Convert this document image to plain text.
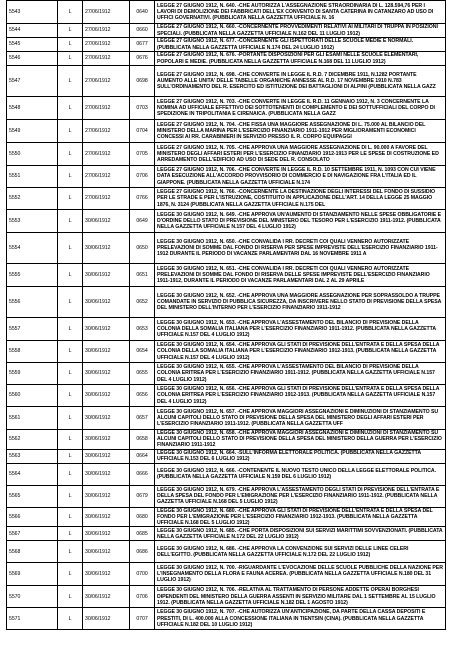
5543	L	27/06/1912	0640	LEGGE 27 GIUGNO 1912, N. 640. -CHE AUTORIZZA L'ASSEGNAZIONE STRAORDINARIA DI L. 128.594,76 PER I LAVORI DI DEMOLIZIONE DEI FABBRICATI DELL'EX CONVENTO DI SANTA CATERINA IN CATANZARO AD USO DI UFFICI GOVERNATIVI. (PUBBLICATA NELLA GAZZETTA UFFICIALE N. 16
5544	L	27/06/1912	0660	LEGGE 27 GIUGNO 1912, N. 660. -CONCERNENTE PROVVEDIMENTI RELATIVI AI MILITARI DI TRUPPA IN POSIZIONI SPECIALI. (PUBBLICATA NELLA GAZZETTA UFFICIALE N.162 DEL 11 LUGLIO 1912)
5545	L	27/06/1912	0677	LEGGE 27 GIUGNO 1912, N. 677. -CONCERNENTE GLI ISPETTORATI DELLE SCUOLE MEDIE E NORMALI. (PUBBLICATA NELLA GAZZETTA UFFICIALE N.174 DEL 24 LUGLIO 1912)
5546	L	27/06/1912	0676	LEGGE 27 GIUGNO 1912, N. 676. -PORTANTE DISPOSIZIONI PER GLI ESAMI NELLE SCUOLE ELEMENTARI, POPOLARI E MEDIE. (PUBBLICATA NELLA GAZZETTA UFFICIALE N.168 DEL 11 LUGLIO 1912)
5547	L	27/06/1912	0698	LEGGE 27 GIUGNO 1912, N. 698. -CHE CONVERTE IN LEGGE IL R.D. 7 DICEMBRE 1911, N.1282 PORTANTE AUMENTO ALLE UNITA' DELLE TABELLE ORGANICHE ANNESSE AL R.D. 17 NOVEMBRE 1910 N.783 SULL'ORDINAMENTO DEL R. ESERCITO ED ISTITUZIONE DEI BATTAGLIONI DI ALPINI (PUBBLICATA NELLA GAZZ
5548	L	27/06/1912	0703	LEGGE 27 GIUGNO 1912, N. 703. -CHE CONVERTE IN LEGGE IL R.D. 11 GENNAIO 1912, N. 3 CONCERNENTE LA NOMINA AD UFFICIALE EFFETTIVO DEI SOTTOTENENTI DI COMPLEMENTO E DEI SOTTUFFICIALI DEL CORPO DI SPEDIZIONE IN TRIPOLITANIA E CIRENAICA. (PUBBLICATA NELLA GAZZ
5549	L	27/06/1912	0704	LEGGE 27 GIUGNO 1912, N. 704. -CHE FISSA UNA MAGGIORE ASSEGNAZIONE DI L. 75.000 AL BILANCIO DEL MINISTERO DELLA MARINA PER L'ESERCIZIO FINANZIARIO 1911-1912 PER MIGLIORAMENTI ECONOMICI CONCESSI AI RR. CARABINIERI IN SERVIZIO PRESSO IL R. CORPO EQUIPAGGI
5550	L	27/06/1912	0705	LEGGE 27 GIUGNO 1912, N. 705. -CHE APPROVA UNA MAGGIORE ASSEGNAZIONE DI L. 90.000 A FAVORE DEL MINISTERO DEGLI AFFARI ESTERI PER L'ESERCIZIO FINANZIARIO 1912-1913 PER LE SPESE DI COSTRUZIONE ED ARREDAMENTO DELL'EDIFICIO AD USO DI SEDE DEL R. CONSOLATO
5551	L	27/06/1912	0706	LEGGE 27 GIUGNO 1912, N. 706. -CHE CONVERTE IN LEGGE IL R.D. 10 SETTEMBRE 1911, N. 1093 CON CUI VIENE DATA ESECUZIONE ALL'ACCORDO PROVVISORIO DI COMMERCIO E DI NAVIGAZIONE FRA L'ITALIA ED IL GIAPPONE. (PUBBLICATA NELLA GAZZETTA UFFICIALE N.174
5552	L	27/06/1912	0766	LEGGE 27 GIUGNO 1912, N. 766. -CONCERNENTE LA DESTINAZIONE DEGLI INTERESSI DEL FONDO DI SUSSIDIO PER LE STRADE E PER L'ISTRUZIONE, COSTITUITO IN APPLICAZIONE DELL'ART. 14 DELLA LEGGE 25 MAGGIO 1876, N. 3124 (PUBBLICATA NELLA GAZZETTA UFFICIALE N.175 DEL
5553	L	30/06/1912	0649	LEGGE 30 GIUGNO 1912, N. 649. -CHE APPROVA UN'AUMENTO DI STANZIAMENTO NELLE SPESE OBBLIGATORIE E D'ORDINE DELLO STATO DI PREVISIONE DEL MINISTERO DEL TESORO PER L'ESERCIZIO 1911-1912. (PUBBLICATA NELLA GAZZETTA UFFICIALE N.157 DEL 4 LUGLIO 1912)
5554	L	30/06/1912	0650	LEGGE 30 GIUGNO 1912, N. 650. -CHE CONVALIDA I RR. DECRETI COI QUALI VENNERO AUTORIZZATE PRELEVAZIONI DI SOMME DAL FONDO DI RISERVA PER SPESE IMPREVISTE DELL'ESERCIZIO FINANZIARIO 1911-1912 DURANTE IL PERIODO DI VACANZE PARLAMENTARI DAL 16 NOVEMBRE 1911 A
5555	L	30/06/1912	0651	LEGGE 30 GIUGNO 1912, N. 651. -CHE CONVALIDA I RR. DECRETI COI QUALI VENNERO AUTORIZZATE PRELEVAZIONI DI SOMME DAL FONDO DI RISERVA DELLE SPESE IMPREVISTE DELL'ESERCIZIO FINANZIARIO 1911-1912, DURANTE IL PERIODO DI VACANZE PARLAMENTARI DAL 2 AL 29 APRILE
5556	L	30/06/1912	0652	LEGGE 30 GIUGNO 1912, N. 652. -CHE APPROVA UNA MAGGIORE ASSEGNAZIONE PER SOPRASSOLDO A TRUPPE COMANDATE IN SERVIZIO DI PUBBLICA SICUREZZA, DA INSCRIVERE NELLO STATO DI PREVISIONE DELLA SPESA DEL MINISTERO DELL'INTERNO PER L'ESERCIZIO FINANZIARIO 1911-1912
5557	L	30/06/1912	0653	LEGGE 30 GIUGNO 1912, N. 653. -CHE APPROVA L'ASSESTAMENTO DEL BILANCIO DI PREVISIONE DELLA COLONIA DELLA SOMALIA ITALIANA PER L'ESERCIZIO FINANZIARIO 1911-1912. (PUBBLICATA NELLA GAZZETTA UFFICIALE N.157 DEL 4 LUGLIO 1912)
5558	L	30/06/1912	0654	LEGGE 30 GIUGNO 1912, N. 654. -CHE APPROVA GLI STATI DI PREVISIONE DELL'ENTRATA E DELLA SPESA DELLA COLONIA DELLA SOMALIA ITALIANA PER L'ESERCIZIO FINANZIARIO 1912-1913. (PUBBLICATA NELLA GAZZETTA UFFICIALE N.157 DEL 4 LUGLIO 1912)
5559	L	30/06/1912	0655	LEGGE 30 GIUGNO 1912, N. 655. -CHE APPROVA L'ASSESTAMENTO DEL BILANCIO DI PREVISIONE DELLA COLONIA ERITREA PER L'ESERCIZIO FINANZIARIO 1911-1912. (PUBBLICATA NELLA GAZZETTA UFFICIALE N.157 DEL 4 LUGLIO 1912)
5560	L	30/06/1912	0656	LEGGE 30 GIUGNO 1912, N. 656. -CHE APPROVA GLI STATI DI PREVISIONE DELL'ENTRATA E DELLA SPESA DELLA COLONIA ERITREA PER L'ESERCIZIO FINANZIARIO 1912-1913. (PUBBLICATA NELLA GAZZETTA UFFICIALE N.157 DEL 4 LUGLIO 1912)
5561	L	30/06/1912	0657	LEGGE 30 GIUGNO 1912, N. 657. -CHE APPROVA MAGGIORI ASSEGNAZIONI E DIMINUZIONI DI STANZIAMENTO SU ALCUNI CAPITOLI DELLO STATO DI PREVISIONE DELLA SPESA DEL MINISTERO DEGLI AFFARI ESTERI PER L'ESERCIZIO FINANZIARIO 1911-1912. (PUBBLICATA NELLA GAZZETTA UFF
5562	L	30/06/1912	0658	LEGGE 30 GIUGNO 1912, N. 658. -CHE APPROVA MAGGIORI ASSEGNAZIONI E DIMINUZIONI DI STANZIAMENTO SU ALCUNI CAPITOLI DELLO STATO DI PREVISIONE DELLA SPESA DEL MINISTERO DELLA GUERRA PER L'ESERCIZIO FINANZIARIO 1911-1912
5563	L	30/06/1912	0664	LEGGE 30 GIUGNO 1912, N. 664. -SULL'INFORMA ELETTORALE POLITICA. (PUBBLICATA NELLA GAZZETTA UFFICIALE N.153 DEL 6 LUGLIO 1912)
5564	L	30/06/1912	0666	LEGGE 30 GIUGNO 1912, N. 666. -CONTENENTE IL NUOVO TESTO UNICO DELLA LEGGE ELETTORALE POLITICA. (PUBBLICATA NELLA GAZZETTA UFFICIALE N.159 DEL 6 LUGLIO 1912)
5565	L	30/06/1912	0679	LEGGE 30 GIUGNO 1912, N. 679. -CHE APPROVA L'ASSESTAMENTO DEGLI STATI DI PREVISIONE DELL'ENTRATA E DELLA SPESA DEL FONDO PER L'EMIGRAZIONE PER L'ESERCIZIO FINANZIARIO 1911-1912. (PUBBLICATA NELLA GAZZETTA UFFICIALE N.168 DEL 5 LUGLIO 1912)
5566	L	30/06/1912	0680	LEGGE 30 GIUGNO 1912, N. 680. -CHE APPROVA GLI STATI DI PREVISIONE DELL'ENTRATA E DELLA SPESA DEL FONDO PER L'EMIGRAZIONE PER L'ESERCIZIO FINANZIARIO 1912-1913. (PUBBLICATA NELLA GAZZETTA UFFICIALE N.168 DEL 5 LUGLIO 1912)
5567	L	30/06/1912	0685	LEGGE 30 GIUGNO 1912, N. 685. -CHE PORTA DISPOSIZIONI SUI SERVIZI MARITTIMI SOVVENZIONATI. (PUBBLICATA NELLA GAZZETTA UFFICIALE N.172 DEL 22 LUGLIO 1912)
5568	L	30/06/1912	0686	LEGGE 30 GIUGNO 1912, N. 686. -CHE APPROVA LA CONVENZIONE SUI SERVIZI DELLE LINEE CELERI DELL'EGITTO. (PUBBLICATA NELLA GAZZETTA UFFICIALE N.172 DEL 22 LUGLIO 1912)
5569	L	30/06/1912	0700	LEGGE 30 GIUGNO 1912, N. 700. -RIGUARDANTE L'EVOCAZIONE DELLE SCUOLE PUBBLICHE DELLA NAZIONE PER L'INSEGNAMENTO DELLA FLORA E FAUNA ACEREA. (PUBBLICATA NELLA GAZZETTA UFFICIALE N.180 DEL 31 LUGLIO 1912)
5570	L	30/06/1912	0706	LEGGE 30 GIUGNO 1912, N. 706. -RELATIVA AL TRATTAMENTO DI PERSONE ADDETTE OPERAI BORGHESI DIPENDENTI DEL MINISTERO DELLA GUERRA ASSENTI IN SERVIZIO MILITARE DAL 1 SETTEMBRE AL 15 LUGLIO 1912. (PUBBLICATA NELLA GAZZETTA UFFICIALE N.182 DEL 1 AGOSTO 1912)
5571	L	30/06/1912	0707	LEGGE 30 GIUGNO 1912, N. 707. -CHE AUTORIZZA UN'ANTICIPAZIONE, DA PARTE DELLA CASSA DEPOSITI E PRESTITI, DI L. 400.000 ALLA CONCESSIONE ITALIANA IN TIENTSIN (CINA). (PUBBLICATA NELLA GAZZETTA UFFICIALE N.182 DEL 10 LUGLIO 1912)
